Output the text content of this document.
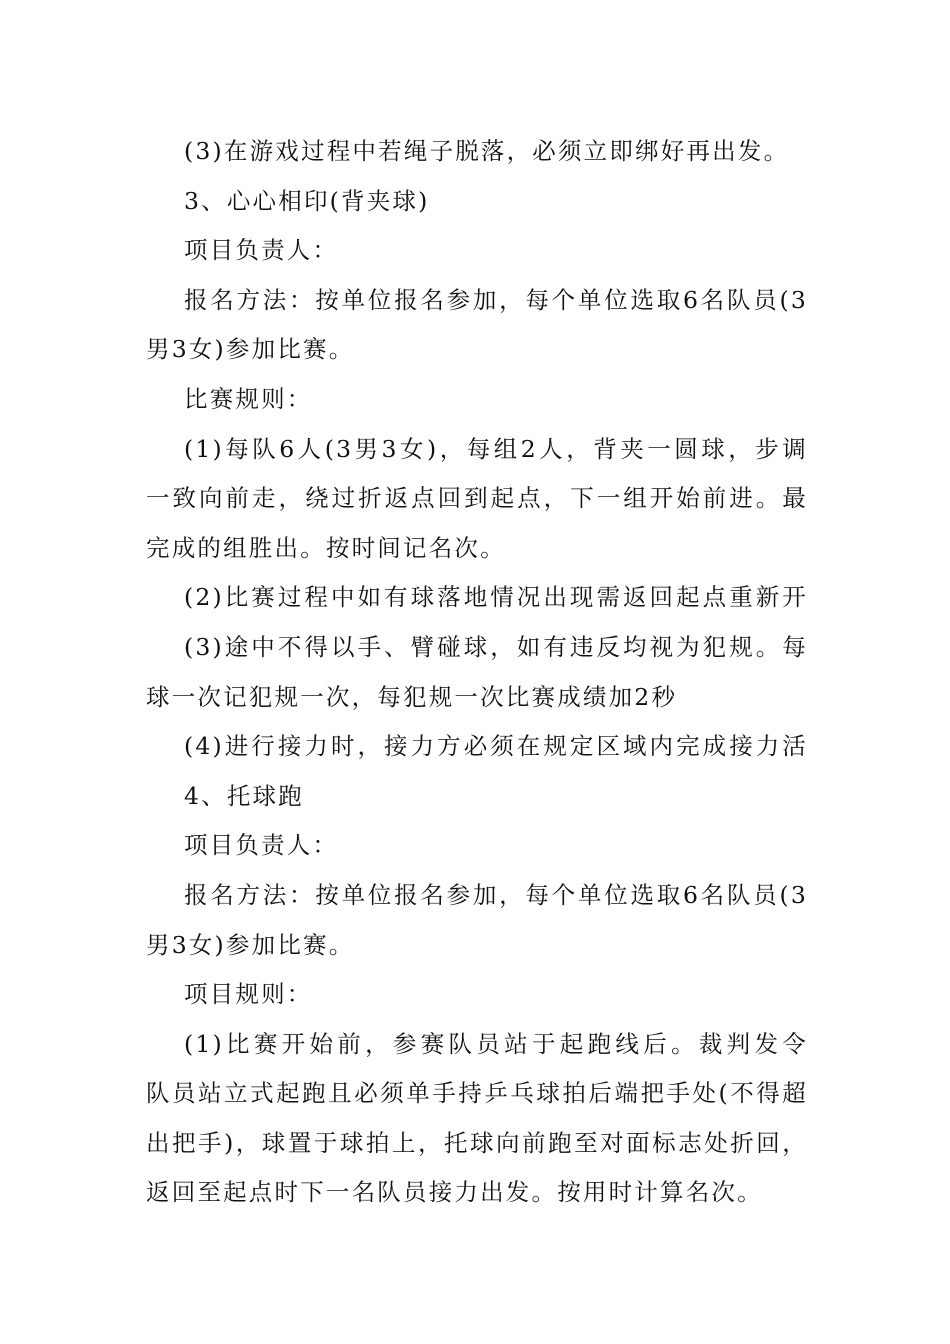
(3)在游戏过程中若绳子脱落，必须立即绑好再出发。
3、心心相印(背夹球)
项目负责人：
报名方法：按单位报名参加，每个单位选取6名队员(3
男3女)参加比赛。
比赛规则：
(1)每队6人(3男3女)，每组2人，背夹一圆球，步调
一致向前走，绕过折返点回到起点，下一组开始前进。最
完成的组胜出。按时间记名次。
(2)比赛过程中如有球落地情况出现需返回起点重新开
(3)途中不得以手、臂碰球，如有违反均视为犯规。每
球一次记犯规一次，每犯规一次比赛成绩加2秒
(4)进行接力时，接力方必须在规定区域内完成接力活
4、托球跑
项目负责人：
报名方法：按单位报名参加，每个单位选取6名队员(3
男3女)参加比赛。
项目规则：
(1)比赛开始前，参赛队员站于起跑线后。裁判发令
队员站立式起跑且必须单手持乒乓球拍后端把手处(不得超
出把手)，球置于球拍上，托球向前跑至对面标志处折回，
返回至起点时下一名队员接力出发。按用时计算名次。
